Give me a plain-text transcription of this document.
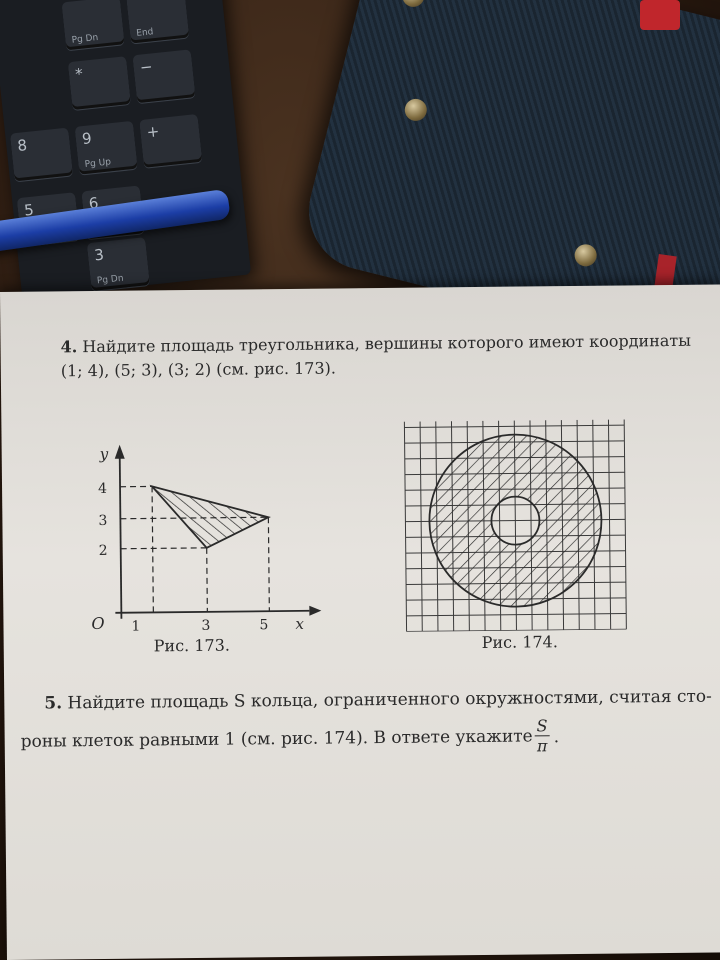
Pg Dn	End
*	−
8	9
Pg Up
+
5	6
3
Pg Dn
4. Найдите площадь треугольника, вершины которого имеют координаты
(1; 4), (5; 3), (3; 2) (см. рис. 173).
y
x
O 1	3	5
2
3
4
Рис. 173.	Рис. 174.
5. Найдите площадь S кольца, ограниченного окружностями, считая сто-
роны клеток равными 1 (см. рис. 174). В ответе укажите $\frac{S}{\pi}$ .
